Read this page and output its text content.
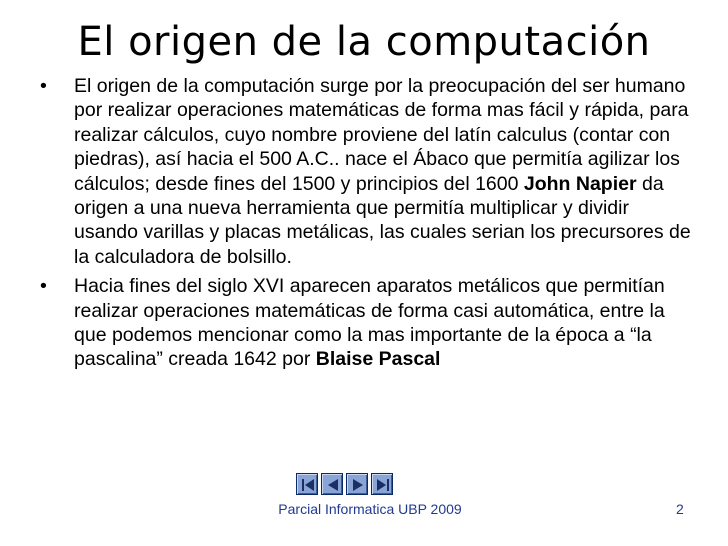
El origen de la computación
• El origen de la computación surge por la preocupación del ser humano por realizar operaciones matemáticas de forma mas fácil y rápida, para realizar cálculos, cuyo nombre proviene del latín calculus (contar con piedras), así hacia el 500 A.C.. nace el Ábaco que permitía agilizar los cálculos; desde fines del 1500 y principios del 1600 John Napier da origen a una nueva herramienta que permitía multiplicar y dividir usando varillas y placas metálicas, las cuales serian los precursores de la calculadora de bolsillo.
• Hacia fines del siglo XVI aparecen aparatos metálicos que permitían realizar operaciones matemáticas de forma casi automática, entre la que podemos mencionar como la mas importante de la época a “la pascalina” creada 1642 por Blaise Pascal
Parcial Informatica UBP 2009	2
